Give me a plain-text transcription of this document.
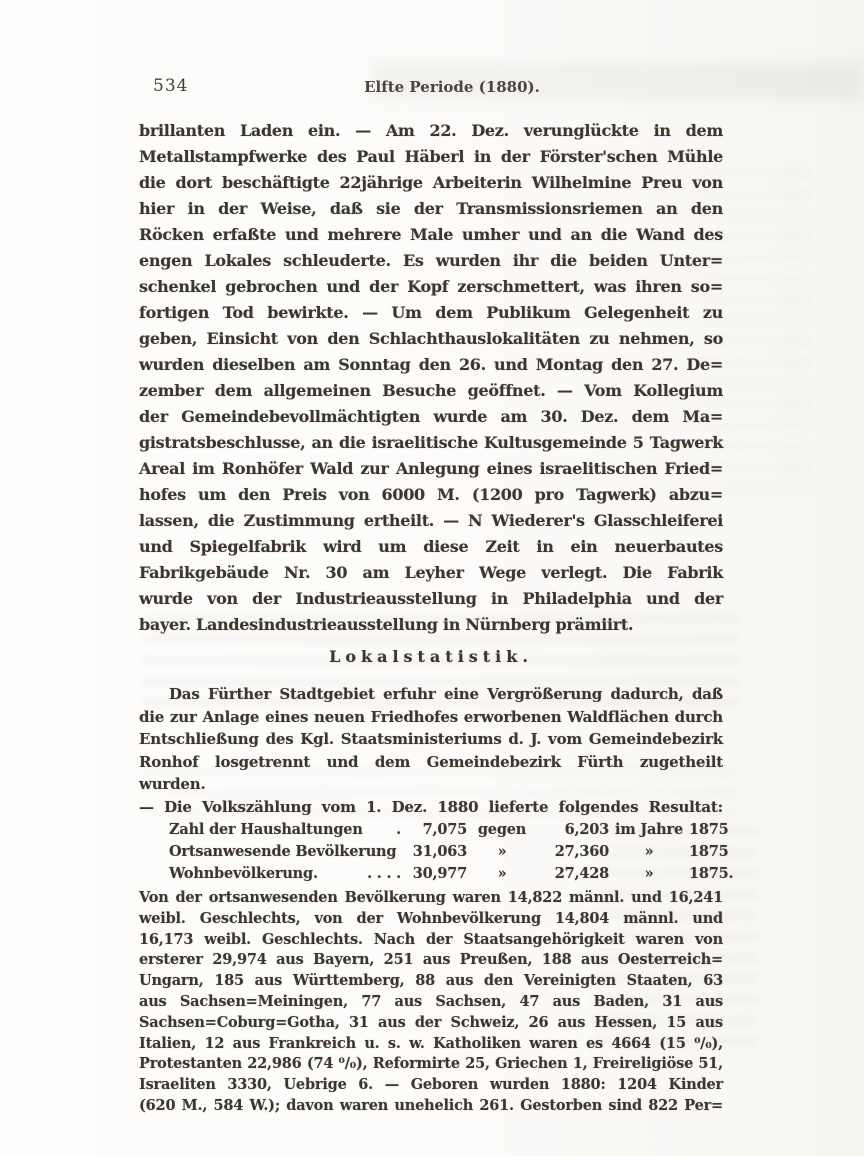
534	Elfte Periode (1880).
brillanten Laden ein. — Am 22. Dez. verunglückte in dem
Metallstampfwerke des Paul Häberl in der Förster'schen Mühle
die dort beschäftigte 22jährige Arbeiterin Wilhelmine Preu von
hier in der Weise, daß sie der Transmissionsriemen an den
Röcken erfaßte und mehrere Male umher und an die Wand des
engen Lokales schleuderte. Es wurden ihr die beiden Unter=
schenkel gebrochen und der Kopf zerschmettert, was ihren so=
fortigen Tod bewirkte. — Um dem Publikum Gelegenheit zu
geben, Einsicht von den Schlachthauslokalitäten zu nehmen, so
wurden dieselben am Sonntag den 26. und Montag den 27. De=
zember dem allgemeinen Besuche geöffnet. — Vom Kollegium
der Gemeindebevollmächtigten wurde am 30. Dez. dem Ma=
gistratsbeschlusse, an die israelitische Kultusgemeinde 5 Tagwerk
Areal im Ronhöfer Wald zur Anlegung eines israelitischen Fried=
hofes um den Preis von 6000 M. (1200 pro Tagwerk) abzu=
lassen, die Zustimmung ertheilt. — N Wiederer's Glasschleiferei
und Spiegelfabrik wird um diese Zeit in ein neuerbautes
Fabrikgebäude Nr. 30 am Leyher Wege verlegt. Die Fabrik
wurde von der Industrieausstellung in Philadelphia und der
bayer. Landesindustrieausstellung in Nürnberg prämiirt.
Lokalstatistik.
Das Fürther Stadtgebiet erfuhr eine Vergrößerung dadurch, daß
die zur Anlage eines neuen Friedhofes erworbenen Waldflächen durch
Entschließung des Kgl. Staatsministeriums d. J. vom Gemeindebezirk
Ronhof losgetrennt und dem Gemeindebezirk Fürth zugetheilt wurden.
— Die Volkszählung vom 1. Dez. 1880 lieferte folgendes Resultat:
Zahl der Haushaltungen .	7,075 gegen	6,203 im Jahre 1875
Ortsanwesende Bevölkerung	31,063	»	27,360	»	1875
Wohnbevölkerung.	. . . . 30,977	»	27,428	»	1875.
Von der ortsanwesenden Bevölkerung waren 14,822 männl. und 16,241
weibl. Geschlechts, von der Wohnbevölkerung 14,804 männl. und
16,173 weibl. Geschlechts. Nach der Staatsangehörigkeit waren von
ersterer 29,974 aus Bayern, 251 aus Preußen, 188 aus Oesterreich=
Ungarn, 185 aus Württemberg, 88 aus den Vereinigten Staaten, 63
aus Sachsen=Meiningen, 77 aus Sachsen, 47 aus Baden, 31 aus
Sachsen=Coburg=Gotha, 31 aus der Schweiz, 26 aus Hessen, 15 aus
Italien, 12 aus Frankreich u. s. w. Katholiken waren es 4664 (15 ⁰/₀),
Protestanten 22,986 (74 ⁰/₀), Reformirte 25, Griechen 1, Freireligiöse 51,
Israeliten 3330, Uebrige 6. — Geboren wurden 1880: 1204 Kinder
(620 M., 584 W.); davon waren unehelich 261. Gestorben sind 822 Per=
